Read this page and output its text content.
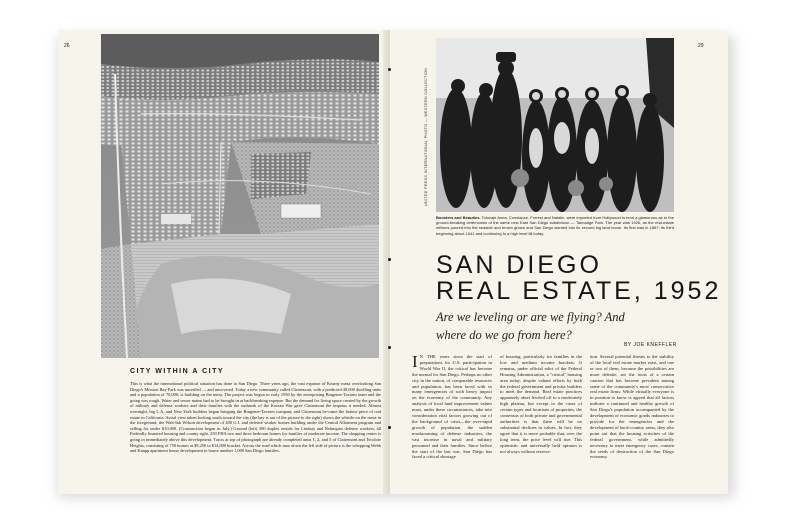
26
CITY WITHIN A CITY
This is what the international political situation has done to San Diego. Three years ago, the vast expanse of Kearny mesa overlooking San Diego's Mission Bay Park was unsettled — and uncovered. Today a new community called Clairemont, with a predicted 40,000 dwelling units and a population of 70,000, is building on the mesa. The project was begun in early 1950 by the enterprising Burgener-Tavares team and the going was rough. Water and sewer mains had to be brought in at backbreaking expense. But the demand for living space created by the growth of military and defense workers and their families with the outbreak of the Korean War gave Clairemont the impetus it needed. Almost overnight, big L.A. and New York builders began bringing the Burgener-Tavares company and Clairemont be-came the hottest piece of real estate in California. Aerial view taken looking south toward the city (the bay is out of the picture to the right) shows the whistle-on the mesa in the foreground; the Walt-Ink Wilson development of 400 G.I. and defense worker homes building under the Central Allotment program and selling for under $10,000. (Construction began in July.) Ground (left) 300 duplex rentals for Lindsay and Rehnquist defense workers, all Federally financed housing and county right, 250 FHA two and three bedroom homes for families of moderate income. The shopping center is going in immediately above this development. Tracts at top of photograph are already completed units 1, 2, and 5 of Clairemont and Tecolote Heights, consisting of 750 homes at $9,250 to $14,000 bracket. Across the road which runs down the left side of picture is the whopping Webb and Knapp apartment house development to house another 1,000 San Diego families.
29
UNITED PRESS INTERNATIONAL PHOTO — WESTERN COLLECTION
Boosters and Beauties. Tolovaje Anna, Constance, Forrest and Natalie, were imported from Hollywood to lend a glamorous air to the ground-breaking ceremonies of the same new East San Diego subdivision — Talmadge Park. The year was 1926, as the real-estate millions poured into the seaside and brown grown and San Diego wanted into its second big land boom. Its first was in 1887; its third beginning about 1941 and continuing to a high level till today.
SAN DIEGO
REAL ESTATE, 1952
Are we leveling or are we flying? And
where do we go from here?
BY JOE KNEFFLER
I N THE years since the start of preparations for U.S. participation in World War II, the critical has become the normal for San Diego. Perhaps no other city in the nation, of comparable resources and population, has been faced with so many emergencies of such heavy impact on the economy of the community. Any analysis of local land improvement values must, under these circumstances, take into consideration vital factors growing out of the background of crisis—the over-rapid growth of population, the sudden mushrooming of defense industries, the vast increase in naval and military personnel and their families. Since before the start of the last war, San Diego has faced a critical shortage
of housing, particularly for families in the low and medium income brackets. It remains, under official edict of the Federal Housing Administration, a "critical" housing area today, despite valiant efforts by both the federal government and private builders to meet the demand. Real estate practices apparently abort leveled off to a moderately high plateau, but except in the cases of certain types and locations of properties, the consensus of both private and governmental authorities is that there will be no substantial declines in values. In fact, they agree that it is more probable that, over the long term, the price level will rise. This optimistic and universally held opinion is not always without reserva-
tion. Several potential threats to the stability of the local real estate market exist, and one or two of them, because the possibilities are more definite, are the roots of a certain caution that has become prevalent among some of the community's more conservative real estate firms. While virtually everyone is in position to know is agreed that all factors indicate a continued and healthy growth of San Diego's population accompanied by the development of economic goods industries to provide for the emergencies and the development of back-country areas, they also point out that the housing activities of the federal government, while admittedly necessary to meet emergency cases, contain the seeds of destruction of the San Diego economy.
